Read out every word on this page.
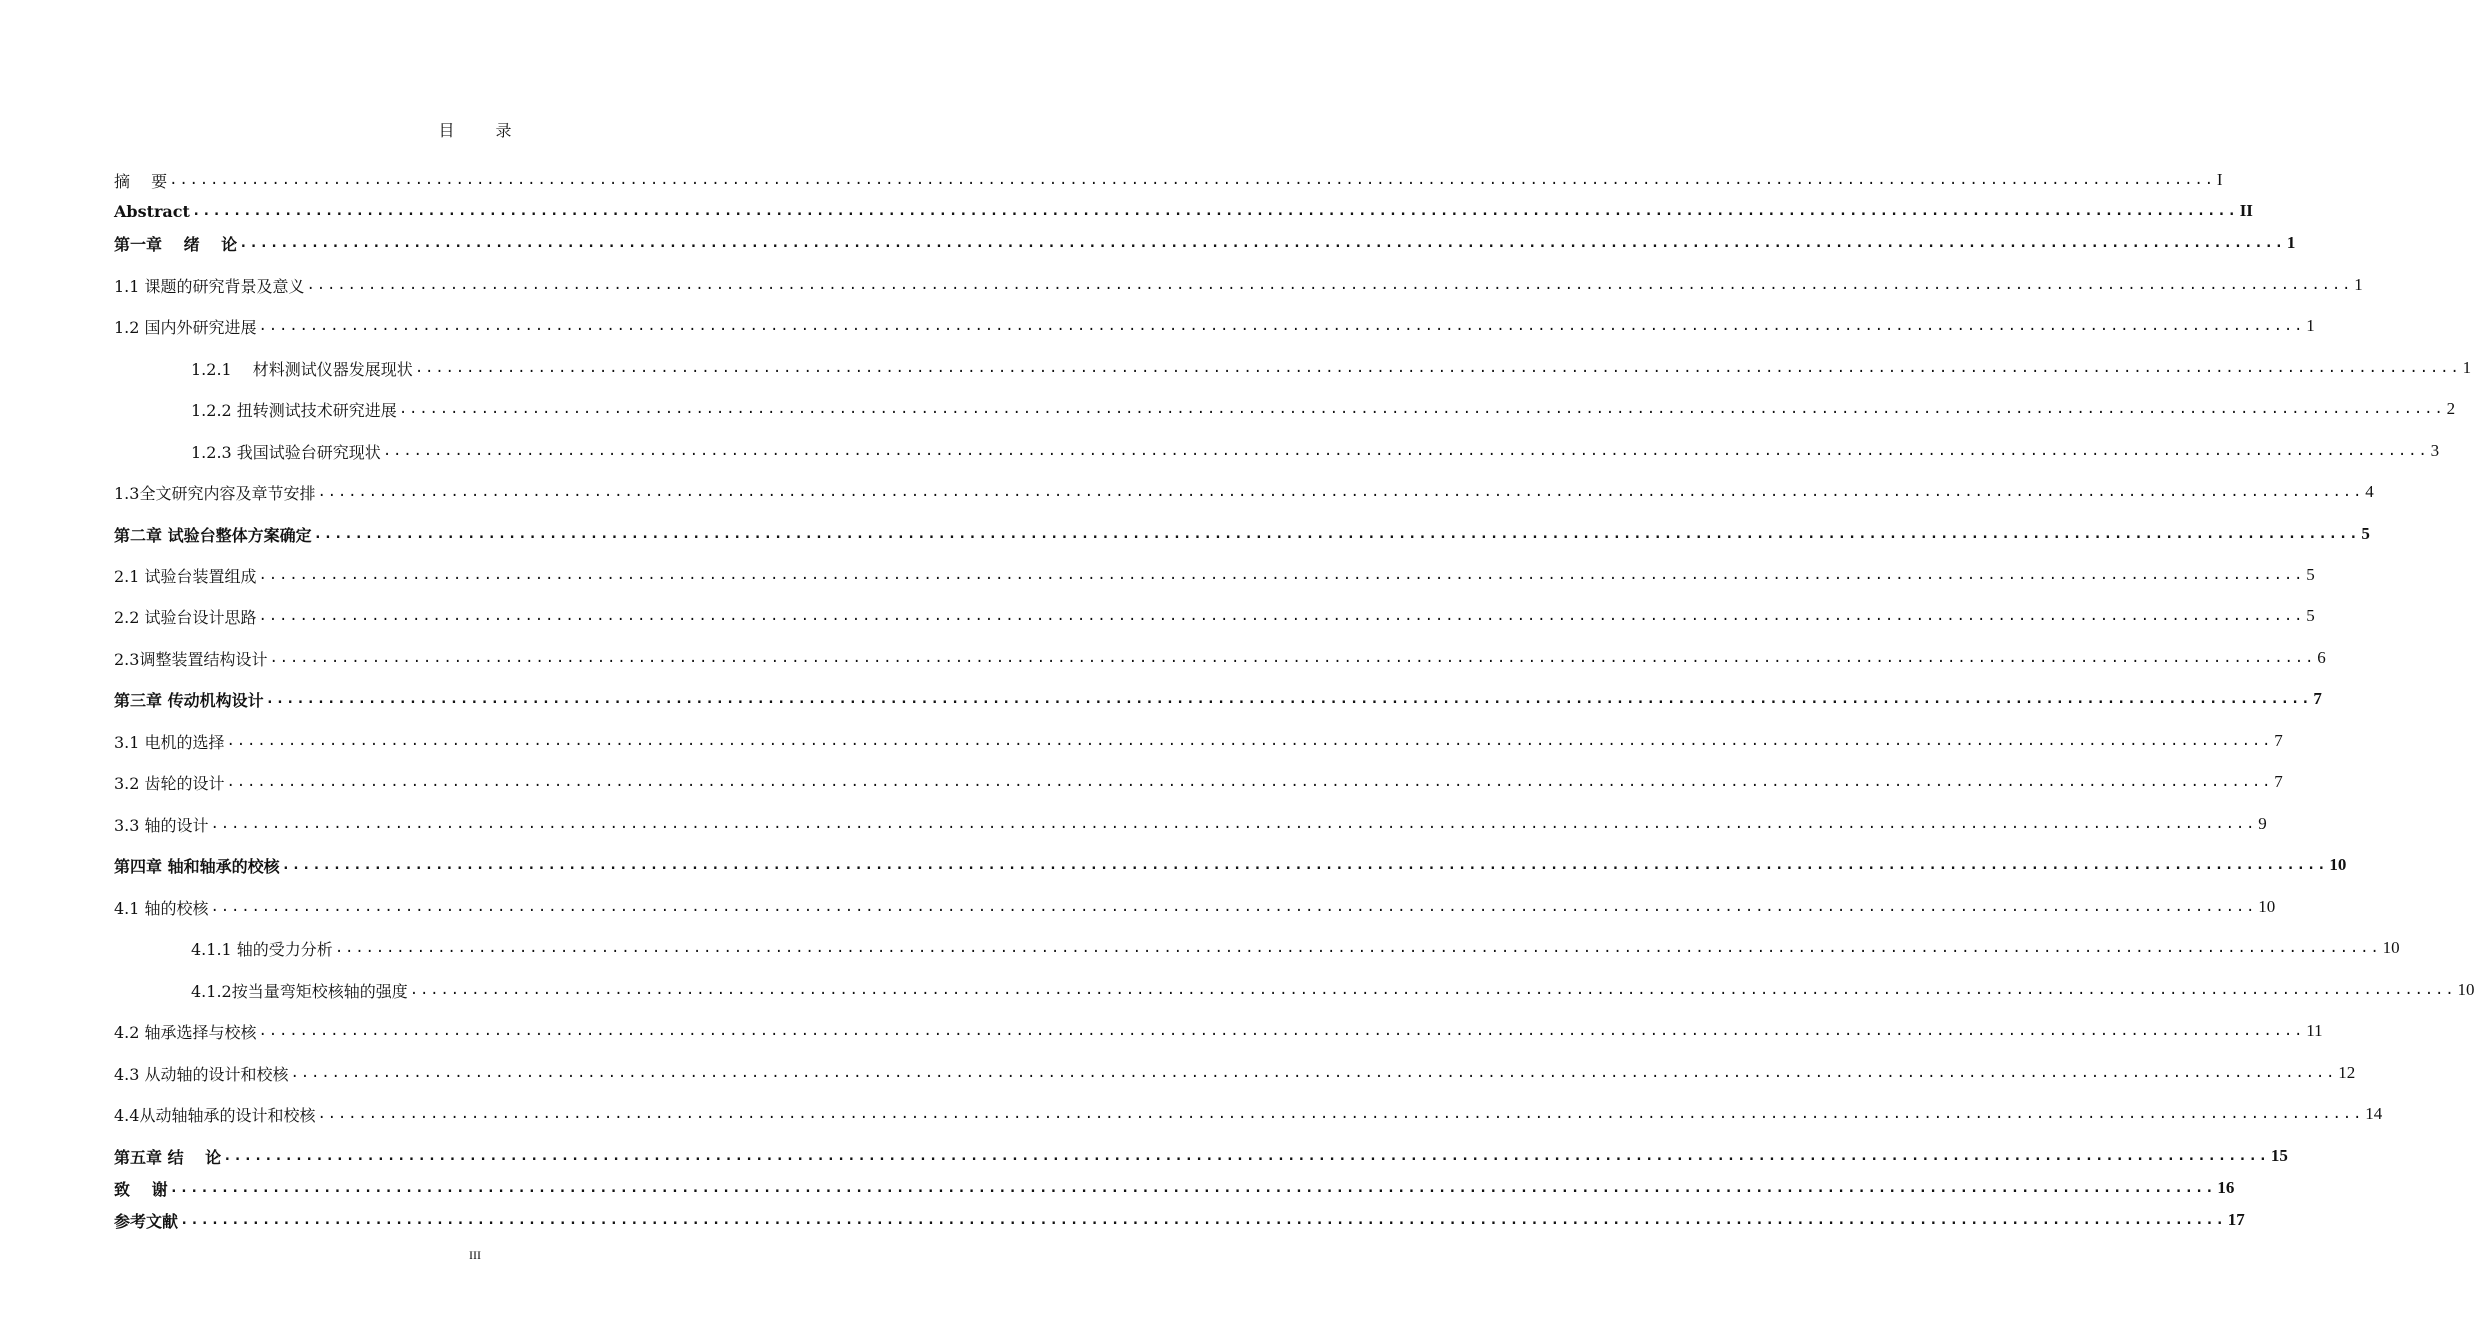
目 录
摘　 要 ........................................................................................................................................................................................................ I
Abstract ........................................................................................................................................................................................................ II
第一章　 绪　 论 ........................................................................................................................................................................................................ 1
1.1 课题的研究背景及意义 ........................................................................................................................................................................................................ 1
1.2 国内外研究进展 ........................................................................................................................................................................................................ 1
1.2.1　 材料测试仪器发展现状 ........................................................................................................................................................................................................ 1
1.2.2 扭转测试技术研究进展 ........................................................................................................................................................................................................ 2
1.2.3 我国试验台研究现状 ........................................................................................................................................................................................................ 3
1.3全文研究内容及章节安排 ........................................................................................................................................................................................................ 4
第二章 试验台整体方案确定 ........................................................................................................................................................................................................ 5
2.1 试验台装置组成 ........................................................................................................................................................................................................ 5
2.2 试验台设计思路 ........................................................................................................................................................................................................ 5
2.3调整装置结构设计 ........................................................................................................................................................................................................ 6
第三章 传动机构设计 ........................................................................................................................................................................................................ 7
3.1 电机的选择 ........................................................................................................................................................................................................ 7
3.2 齿轮的设计 ........................................................................................................................................................................................................ 7
3.3 轴的设计 ........................................................................................................................................................................................................ 9
第四章 轴和轴承的校核 ........................................................................................................................................................................................................ 10
4.1 轴的校核 ........................................................................................................................................................................................................ 10
4.1.1 轴的受力分析 ........................................................................................................................................................................................................ 10
4.1.2按当量弯矩校核轴的强度 ........................................................................................................................................................................................................ 10
4.2 轴承选择与校核 ........................................................................................................................................................................................................ 11
4.3 从动轴的设计和校核 ........................................................................................................................................................................................................ 12
4.4从动轴轴承的设计和校核 ........................................................................................................................................................................................................ 14
第五章 结　 论 ........................................................................................................................................................................................................ 15
致　 谢 ........................................................................................................................................................................................................ 16
参考文献 ........................................................................................................................................................................................................ 17
III
